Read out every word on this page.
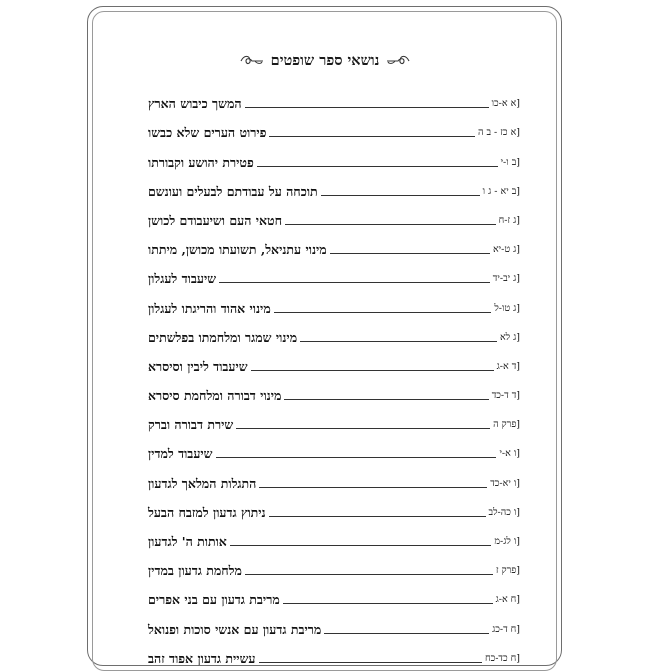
נושאי ספר שופטים
המשך כיבוש הארץ	[א א-כו
פירוט הערים שלא כבשו	[א כז - ב ה
פטירת יהושע וקבורתו	[ב ו-י
תוכחה על עבודתם לבעלים ועונשם	[ב יא - ג ו
חטאי העם ושיעבודם לכושן	[ג ז-ח
מינוי עתניאל, תשועתו מכושן, מיתתו	[ג ט-יא
שיעבוד לעגלון	[ג יב-יד
מינוי אהוד והריגתו לעגלון	[ג טו-ל
מינוי שמגר ומלחמתו בפלשתים	[ג לא
שיעבוד ליבין וסיסרא	[ד א-ג
מינוי דבורה ומלחמת סיסרא	[ד ד-כד
שירת דבורה וברק	[פרק ה
שיעבוד למדין	[ו א-י
התגלות המלאך לגדעון	[ו יא-כד
ניתוץ גדעון למזבח הבעל	[ו כה-לב
אותות ה' לגדעון	[ו לג-מ
מלחמת גדעון במדין	[פרק ז
מריבת גדעון עם בני אפרים	[ח א-ג
מריבת גדעון עם אנשי סוכות ופנואל	[ח ד-כג
עשיית גדעון אפוד זהב	[ח כד-כח
